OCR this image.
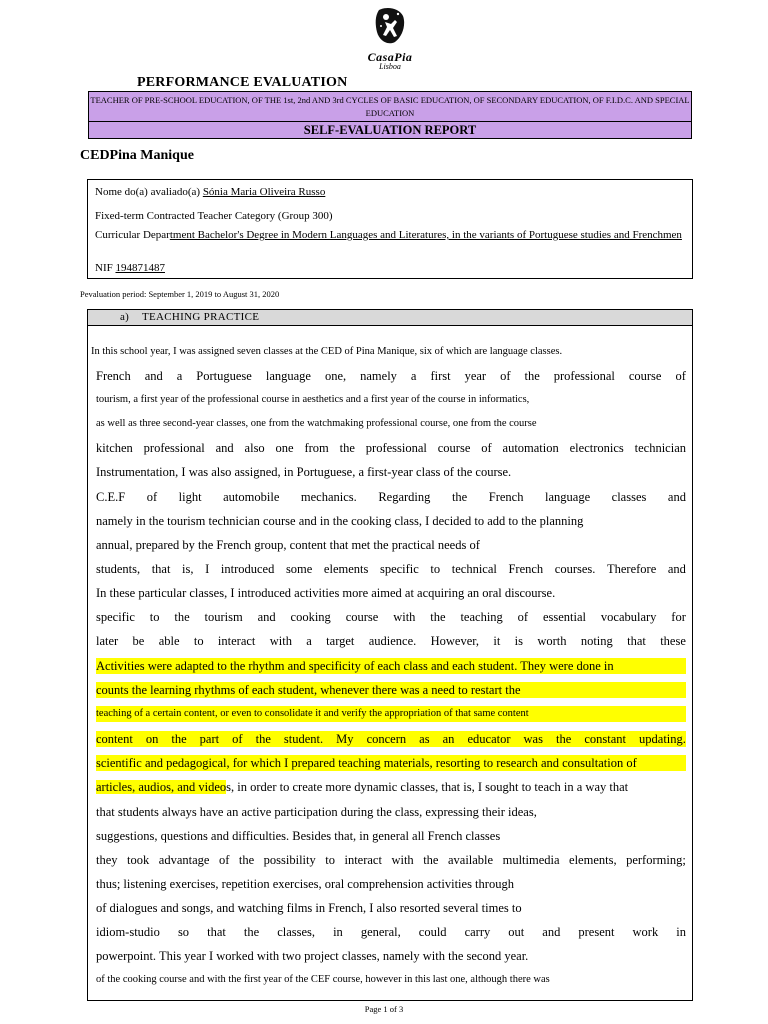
CasaPia
Lisboa
PERFORMANCE EVALUATION
TEACHER OF PRE-SCHOOL EDUCATION, OF THE 1st, 2nd AND 3rd CYCLES OF BASIC EDUCATION, OF SECONDARY EDUCATION, OF F.I.D.C. AND SPECIAL EDUCATION
SELF-EVALUATION REPORT
CEDPina Manique
Nome do(a) avaliado(a) Sónia Maria Oliveira Russo
Fixed-term Contracted Teacher Category (Group 300)
Curricular Department Bachelor's Degree in Modern Languages and Literatures, in the variants of Portuguese studies and Frenchmen
NIF 194871487
Pevaluation period: September 1, 2019 to August 31, 2020
a) TEACHING PRACTICE
In this school year, I was assigned seven classes at the CED of Pina Manique, six of which are language classes.
French and a Portuguese language one, namely a first year of the professional course of
tourism, a first year of the professional course in aesthetics and a first year of the course in informatics,
as well as three second-year classes, one from the watchmaking professional course, one from the course
kitchen professional and also one from the professional course of automation electronics technician
Instrumentation, I was also assigned, in Portuguese, a first-year class of the course.
C.E.F of light automobile mechanics. Regarding the French language classes and
namely in the tourism technician course and in the cooking class, I decided to add to the planning
annual, prepared by the French group, content that met the practical needs of
students, that is, I introduced some elements specific to technical French courses. Therefore and
In these particular classes, I introduced activities more aimed at acquiring an oral discourse.
specific to the tourism and cooking course with the teaching of essential vocabulary for
later be able to interact with a target audience. However, it is worth noting that these
Activities were adapted to the rhythm and specificity of each class and each student. They were done in
counts the learning rhythms of each student, whenever there was a need to restart the
teaching of a certain content, or even to consolidate it and verify the appropriation of that same content
content on the part of the student. My concern as an educator was the constant updating.
scientific and pedagogical, for which I prepared teaching materials, resorting to research and consultation of
articles, audios, and videos, in order to create more dynamic classes, that is, I sought to teach in a way that
that students always have an active participation during the class, expressing their ideas,
suggestions, questions and difficulties. Besides that, in general all French classes
they took advantage of the possibility to interact with the available multimedia elements, performing;
thus; listening exercises, repetition exercises, oral comprehension activities through
of dialogues and songs, and watching films in French, I also resorted several times to
idiom-studio so that the classes, in general, could carry out and present work in
powerpoint. This year I worked with two project classes, namely with the second year.
of the cooking course and with the first year of the CEF course, however in this last one, although there was
Page 1 of 3
